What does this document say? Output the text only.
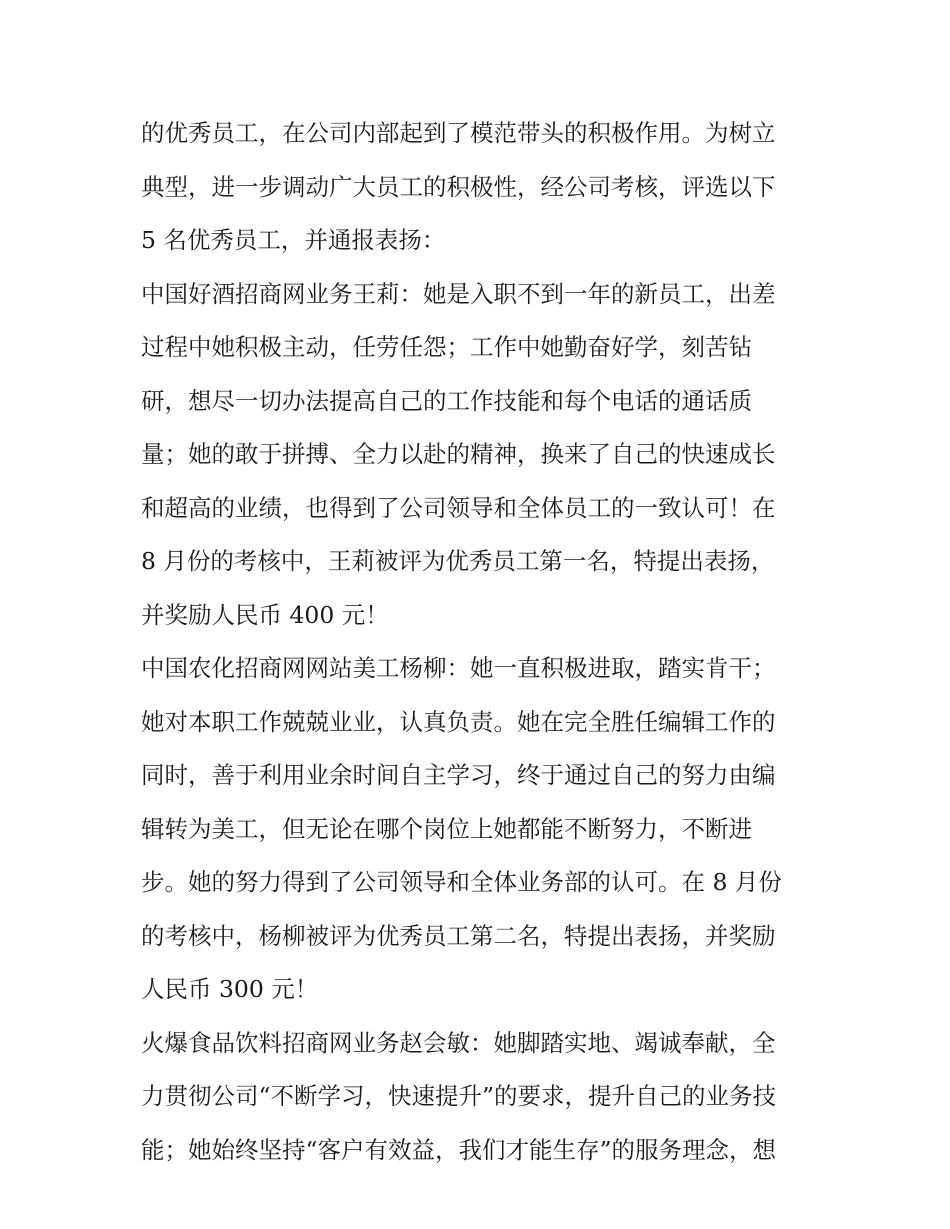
的优秀员工，在公司内部起到了模范带头的积极作用。为树立
典型，进一步调动广大员工的积极性，经公司考核，评选以下
5 名优秀员工，并通报表扬：
中国好酒招商网业务王莉：她是入职不到一年的新员工，出差
过程中她积极主动，任劳任怨；工作中她勤奋好学，刻苦钻
研，想尽一切办法提高自己的工作技能和每个电话的通话质
量；她的敢于拼搏、全力以赴的精神，换来了自己的快速成长
和超高的业绩，也得到了公司领导和全体员工的一致认可！在
8 月份的考核中，王莉被评为优秀员工第一名，特提出表扬，
并奖励人民币 400 元！
中国农化招商网网站美工杨柳：她一直积极进取，踏实肯干；
她对本职工作兢兢业业，认真负责。她在完全胜任编辑工作的
同时，善于利用业余时间自主学习，终于通过自己的努力由编
辑转为美工，但无论在哪个岗位上她都能不断努力，不断进
步。她的努力得到了公司领导和全体业务部的认可。在 8 月份
的考核中，杨柳被评为优秀员工第二名，特提出表扬，并奖励
人民币 300 元！
火爆食品饮料招商网业务赵会敏：她脚踏实地、竭诚奉献，全
力贯彻公司“不断学习，快速提升”的要求，提升自己的业务技
能；她始终坚持“客户有效益，我们才能生存”的服务理念，想
